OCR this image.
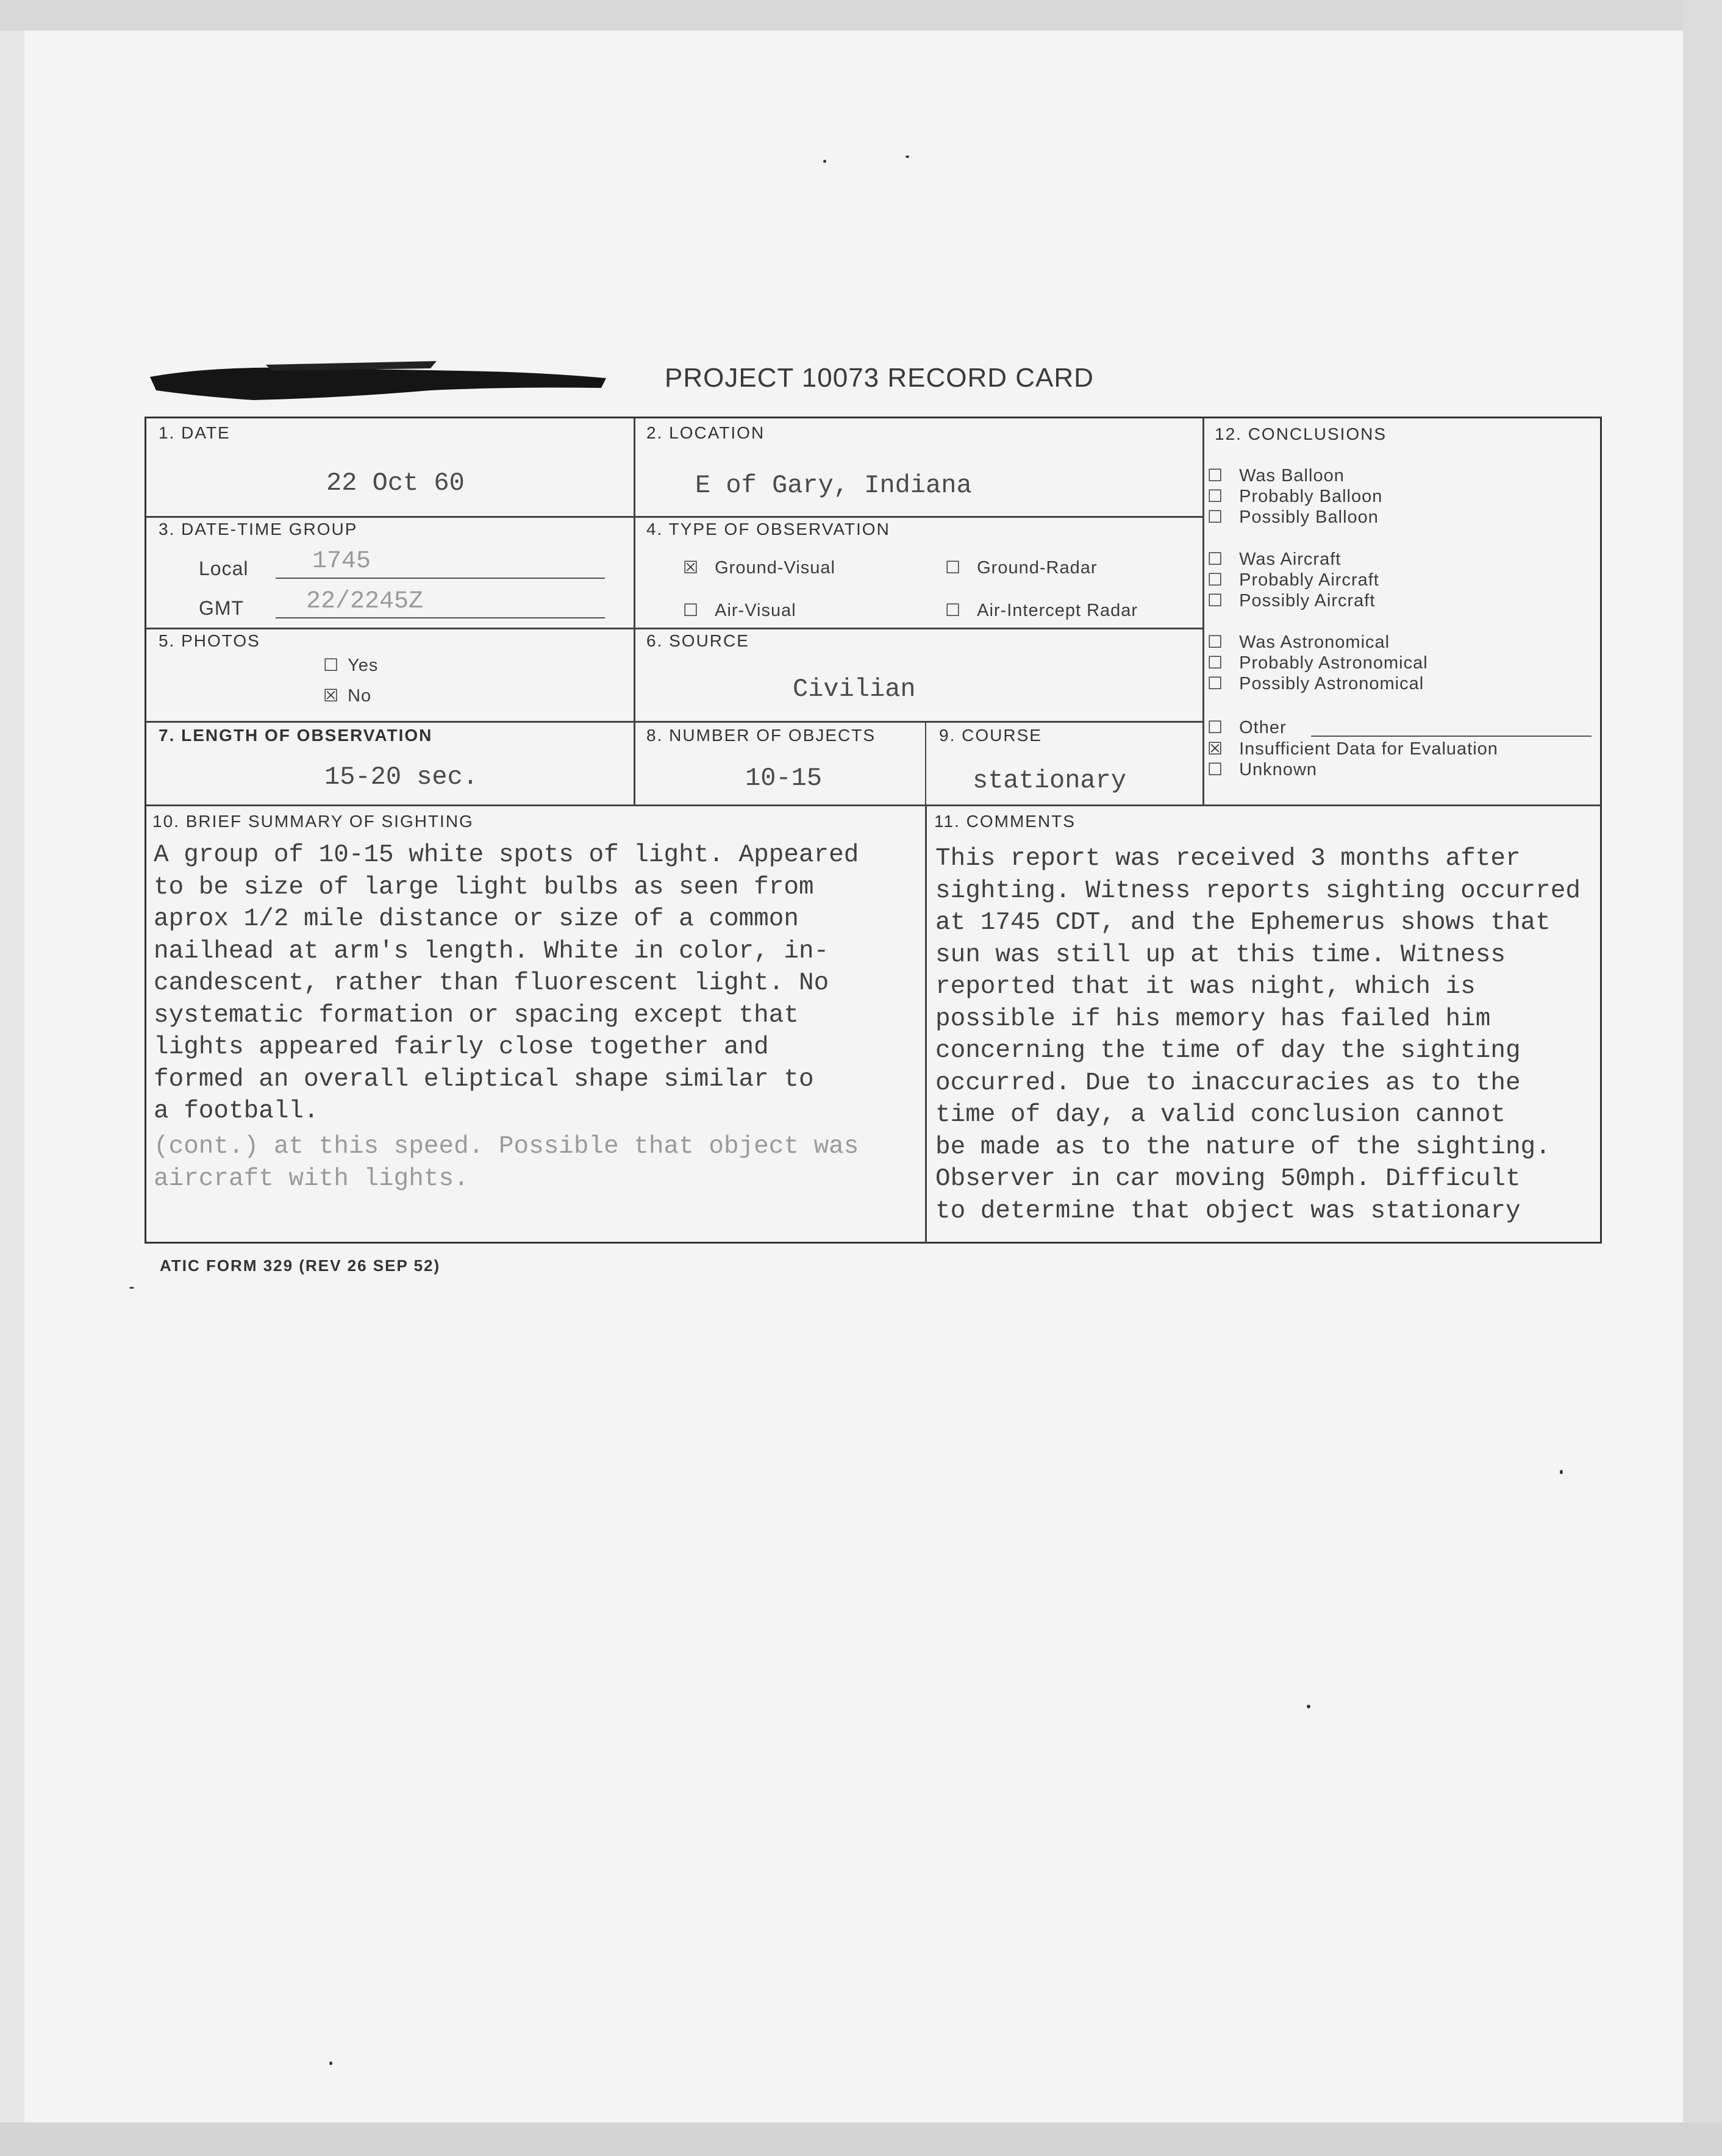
PROJECT 10073 RECORD CARD
1. DATE
22 Oct 60
2. LOCATION
E of Gary, Indiana
3. DATE-TIME GROUP
Local	1745
GMT	22/2245Z
4. TYPE OF OBSERVATION
☒ Ground-Visual	☐ Ground-Radar
☐ Air-Visual	☐ Air-Intercept Radar
5. PHOTOS
☐ Yes
☒ No
6. SOURCE
Civilian
7. LENGTH OF OBSERVATION
15-20 sec.
8. NUMBER OF OBJECTS
10-15
9. COURSE
stationary
10. BRIEF SUMMARY OF SIGHTING
A group of 10-15 white spots of light. Appeared
to be size of large light bulbs as seen from
aprox 1/2 mile distance or size of a common
nailhead at arm's length. White in color, in-
candescent, rather than fluorescent light. No
systematic formation or spacing except that
lights appeared fairly close together and
formed an overall eliptical shape similar to
a football.
(cont.) at this speed. Possible that object was
aircraft with lights.
11. COMMENTS
This report was received 3 months after
sighting. Witness reports sighting occurred
at 1745 CDT, and the Ephemerus shows that
sun was still up at this time. Witness
reported that it was night, which is
possible if his memory has failed him
concerning the time of day the sighting
occurred. Due to inaccuracies as to the
time of day, a valid conclusion cannot
be made as to the nature of the sighting.
Observer in car moving 50mph. Difficult
to determine that object was stationary
12. CONCLUSIONS
☐ Was Balloon
☐ Probably Balloon
☐ Possibly Balloon
☐ Was Aircraft
☐ Probably Aircraft
☐ Possibly Aircraft
☐ Was Astronomical
☐ Probably Astronomical
☐ Possibly Astronomical
☐ Other
☒ Insufficient Data for Evaluation
☐ Unknown
ATIC FORM 329 (REV 26 SEP 52)
